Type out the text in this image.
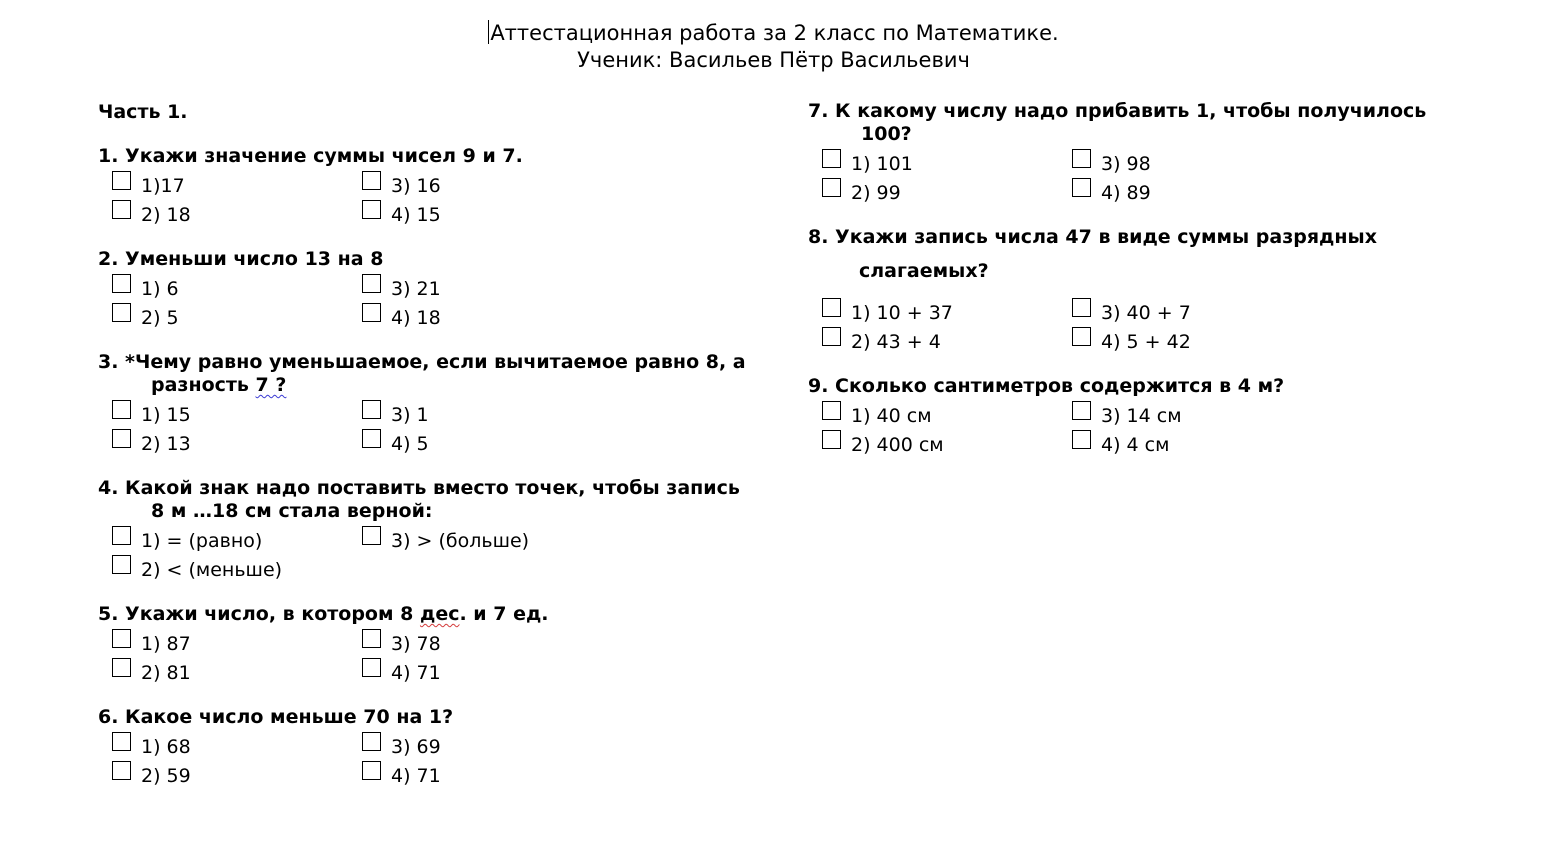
Аттестационная работа за 2 класс по Математике.
Ученик: Васильев Пётр Васильевич
Часть 1.
1. Укажи значение суммы чисел 9 и 7.
1)17	3) 16
2) 18	4) 15
2. Уменьши число 13 на 8
1) 6	3) 21
2) 5	4) 18
3. *Чему равно уменьшаемое, если вычитаемое равно 8, а
разность 7 ?
1) 15	3) 1
2) 13	4) 5
4. Какой знак надо поставить вместо точек, чтобы запись
8 м …18 см стала верной:
1) = (равно)	3) > (больше)
2) < (меньше)
5. Укажи число, в котором 8 дес. и 7 ед.
1) 87	3) 78
2) 81	4) 71
6. Какое число меньше 70 на 1?
1) 68	3) 69
2) 59	4) 71
7. К какому числу надо прибавить 1, чтобы получилось
100?
1) 101	3) 98
2) 99	4) 89
8. Укажи запись числа 47 в виде суммы разрядных
слагаемых?
1) 10 + 37	3) 40 + 7
2) 43 + 4	4) 5 + 42
9. Сколько сантиметров содержится в 4 м?
1) 40 см	3) 14 см
2) 400 см	4) 4 см
